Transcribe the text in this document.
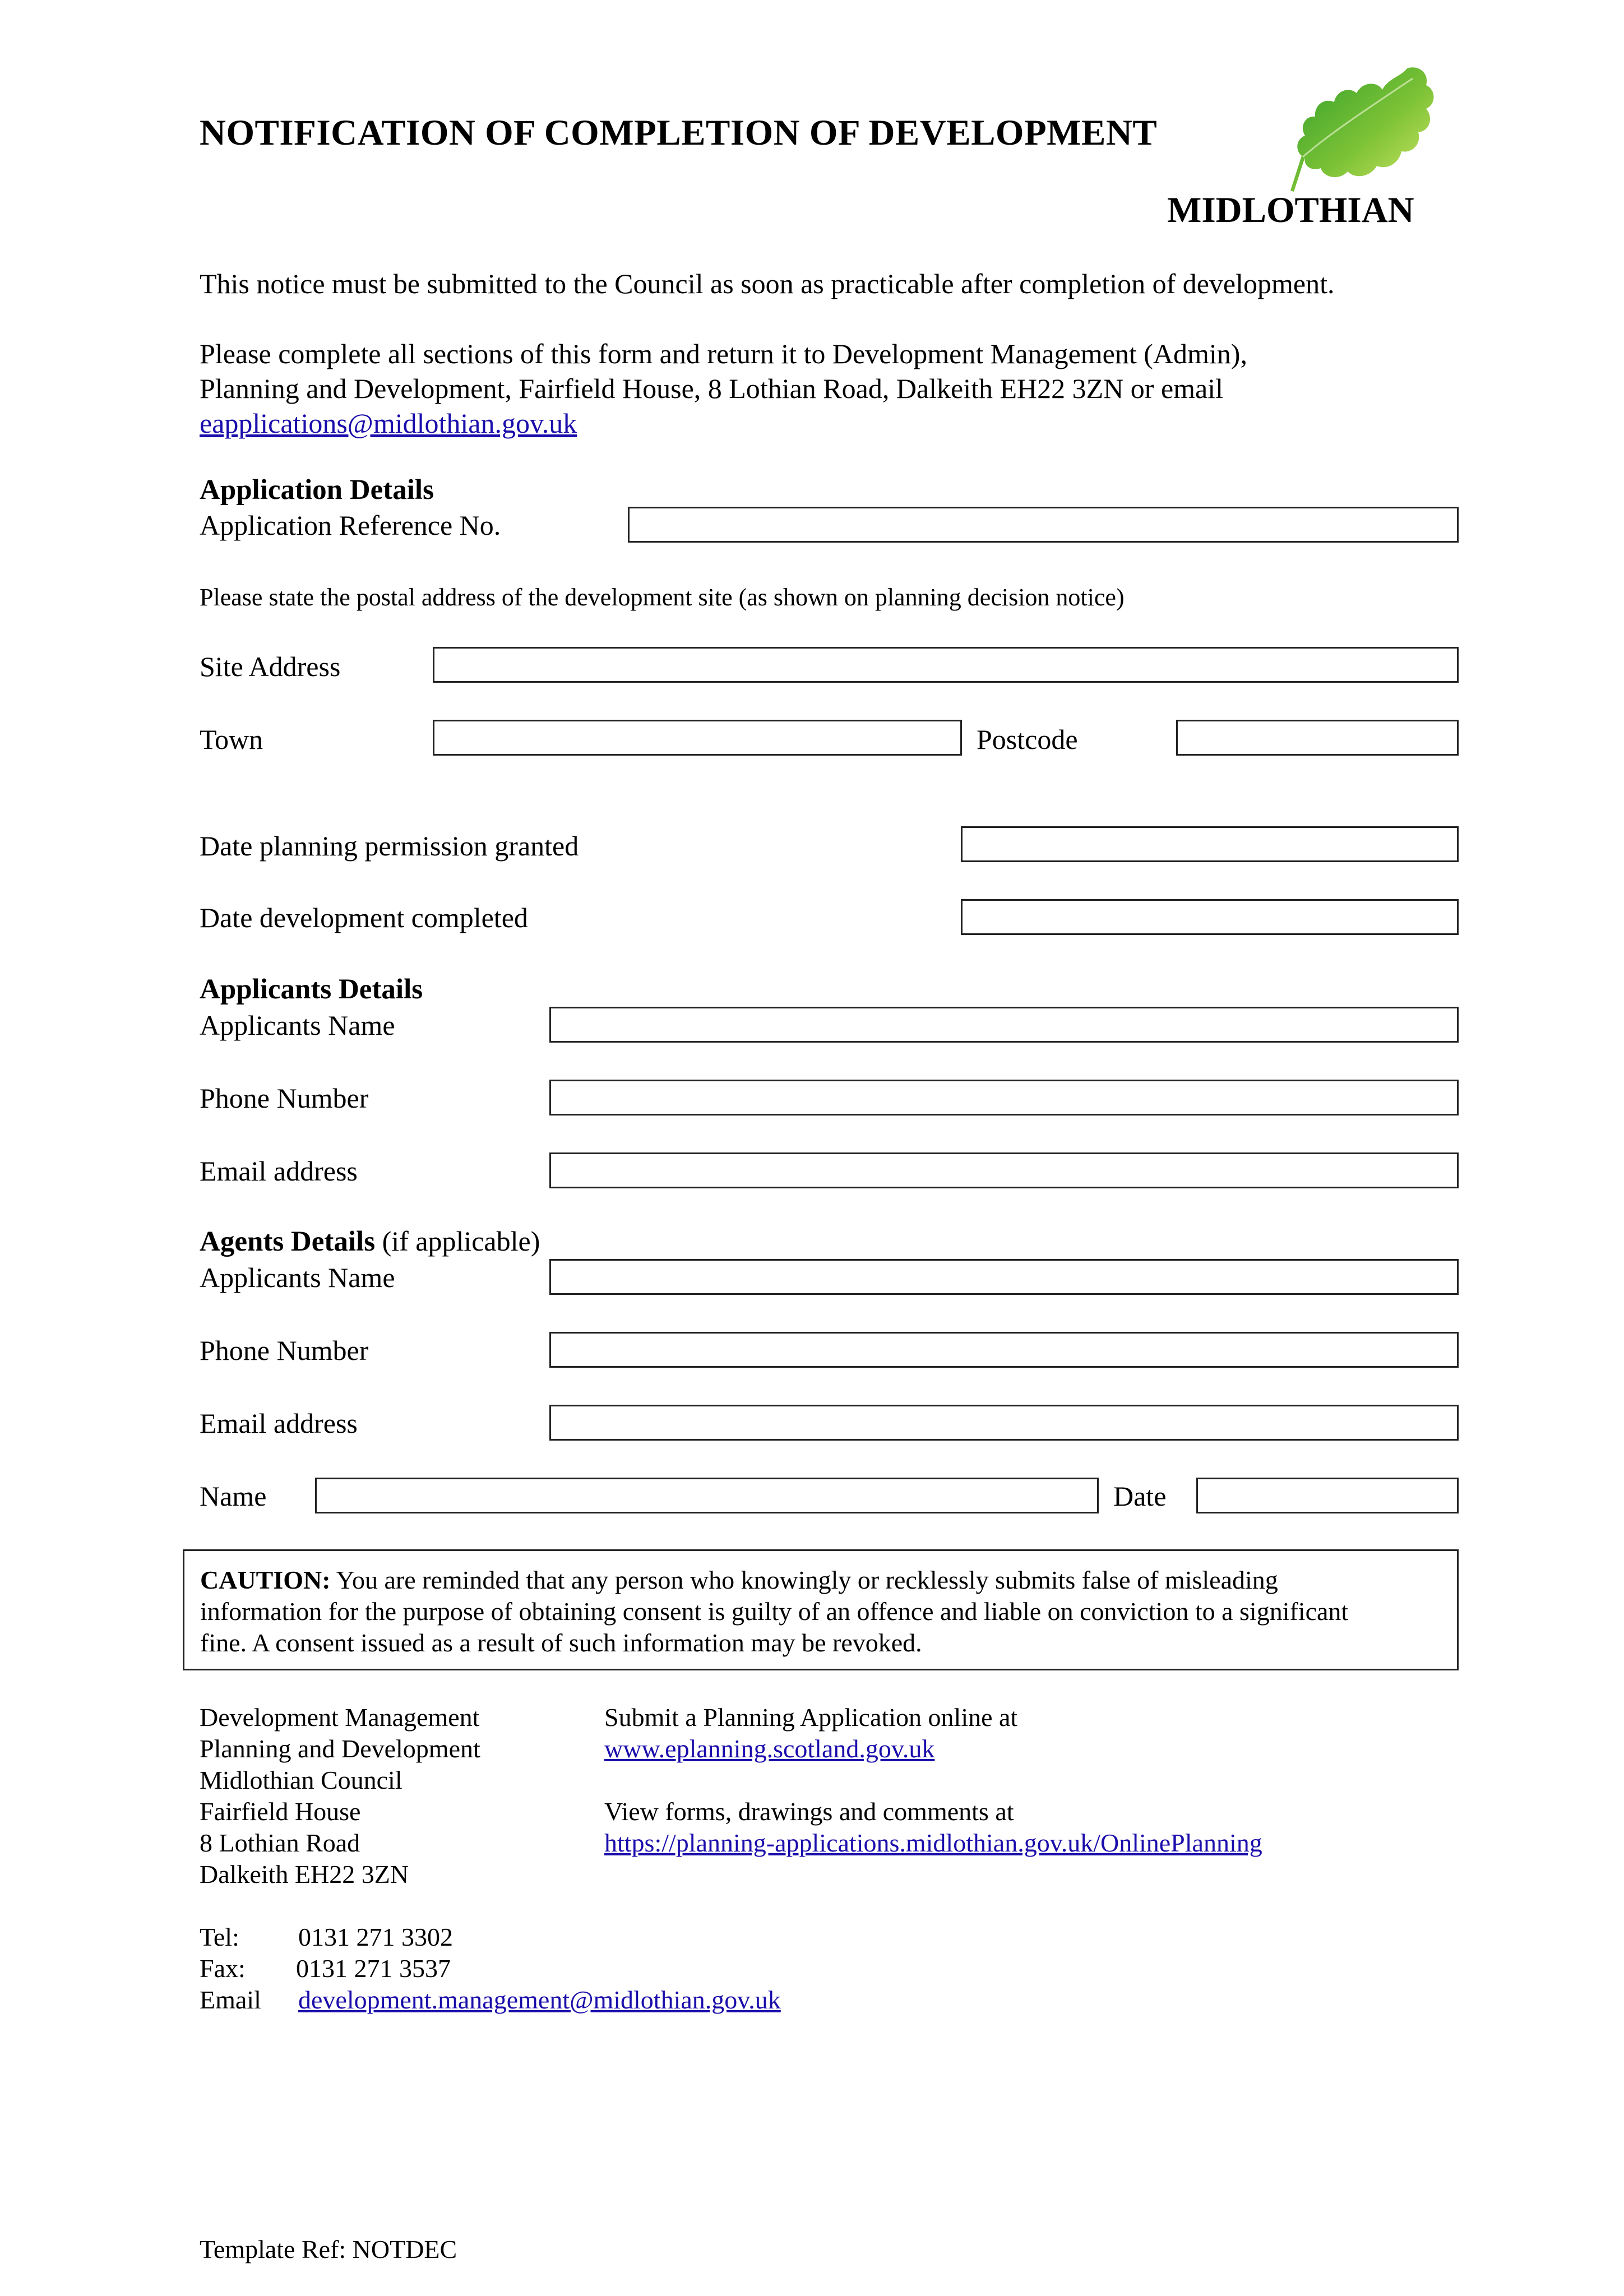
NOTIFICATION OF COMPLETION OF DEVELOPMENT
MIDLOTHIAN
This notice must be submitted to the Council as soon as practicable after completion of development.
Please complete all sections of this form and return it to Development Management (Admin),
Planning and Development, Fairfield House, 8 Lothian Road, Dalkeith EH22 3ZN or email
eapplications@midlothian.gov.uk
Application Details
Application Reference No.
Please state the postal address of the development site (as shown on planning decision notice)
Site Address
Town	Postcode
Date planning permission granted
Date development completed
Applicants Details
Applicants Name
Phone Number
Email address
Agents Details (if applicable)
Applicants Name
Phone Number
Email address
Name	Date
CAUTION: You are reminded that any person who knowingly or recklessly submits false of misleading
information for the purpose of obtaining consent is guilty of an offence and liable on conviction to a significant
fine. A consent issued as a result of such information may be revoked.
Development Management
Planning and Development
Midlothian Council
Fairfield House
8 Lothian Road
Dalkeith EH22 3ZN
Submit a Planning Application online at
www.eplanning.scotland.gov.uk
View forms, drawings and comments at
https://planning-applications.midlothian.gov.uk/OnlinePlanning
Tel: 0131 271 3302
Fax: 0131 271 3537
Email development.management@midlothian.gov.uk
Template Ref: NOTDEC
